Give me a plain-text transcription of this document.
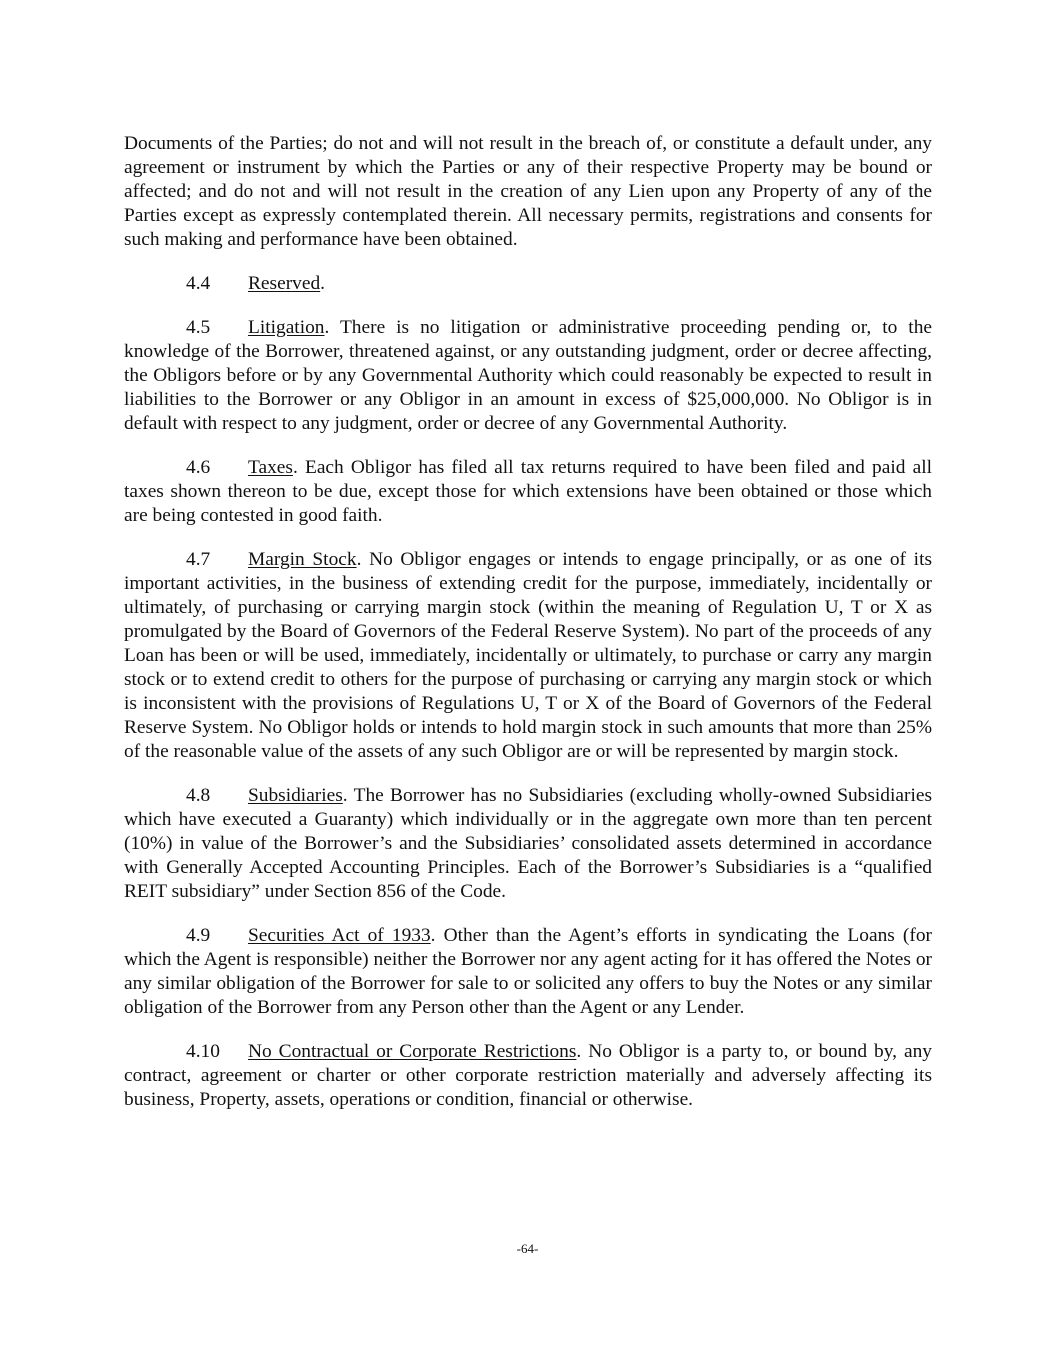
Documents of the Parties; do not and will not result in the breach of, or constitute a default under, any agreement or instrument by which the Parties or any of their respective Property may be bound or affected; and do not and will not result in the creation of any Lien upon any Property of any of the Parties except as expressly contemplated therein. All necessary permits, registrations and consents for such making and performance have been obtained.

4.4 Reserved.

4.5 Litigation. There is no litigation or administrative proceeding pending or, to the knowledge of the Borrower, threatened against, or any outstanding judgment, order or decree affecting, the Obligors before or by any Governmental Authority which could reasonably be expected to result in liabilities to the Borrower or any Obligor in an amount in excess of $25,000,000. No Obligor is in default with respect to any judgment, order or decree of any Governmental Authority.

4.6 Taxes. Each Obligor has filed all tax returns required to have been filed and paid all taxes shown thereon to be due, except those for which extensions have been obtained or those which are being contested in good faith.

4.7 Margin Stock. No Obligor engages or intends to engage principally, or as one of its important activities, in the business of extending credit for the purpose, immediately, incidentally or ultimately, of purchasing or carrying margin stock (within the meaning of Regulation U, T or X as promulgated by the Board of Governors of the Federal Reserve System). No part of the proceeds of any Loan has been or will be used, immediately, incidentally or ultimately, to purchase or carry any margin stock or to extend credit to others for the purpose of purchasing or carrying any margin stock or which is inconsistent with the provisions of Regulations U, T or X of the Board of Governors of the Federal Reserve System. No Obligor holds or intends to hold margin stock in such amounts that more than 25% of the reasonable value of the assets of any such Obligor are or will be represented by margin stock.

4.8 Subsidiaries. The Borrower has no Subsidiaries (excluding wholly-owned Subsidiaries which have executed a Guaranty) which individually or in the aggregate own more than ten percent (10%) in value of the Borrower’s and the Subsidiaries’ consolidated assets determined in accordance with Generally Accepted Accounting Principles. Each of the Borrower’s Subsidiaries is a “qualified REIT subsidiary” under Section 856 of the Code.

4.9 Securities Act of 1933. Other than the Agent’s efforts in syndicating the Loans (for which the Agent is responsible) neither the Borrower nor any agent acting for it has offered the Notes or any similar obligation of the Borrower for sale to or solicited any offers to buy the Notes or any similar obligation of the Borrower from any Person other than the Agent or any Lender.

4.10 No Contractual or Corporate Restrictions. No Obligor is a party to, or bound by, any contract, agreement or charter or other corporate restriction materially and adversely affecting its business, Property, assets, operations or condition, financial or otherwise.

-64-
